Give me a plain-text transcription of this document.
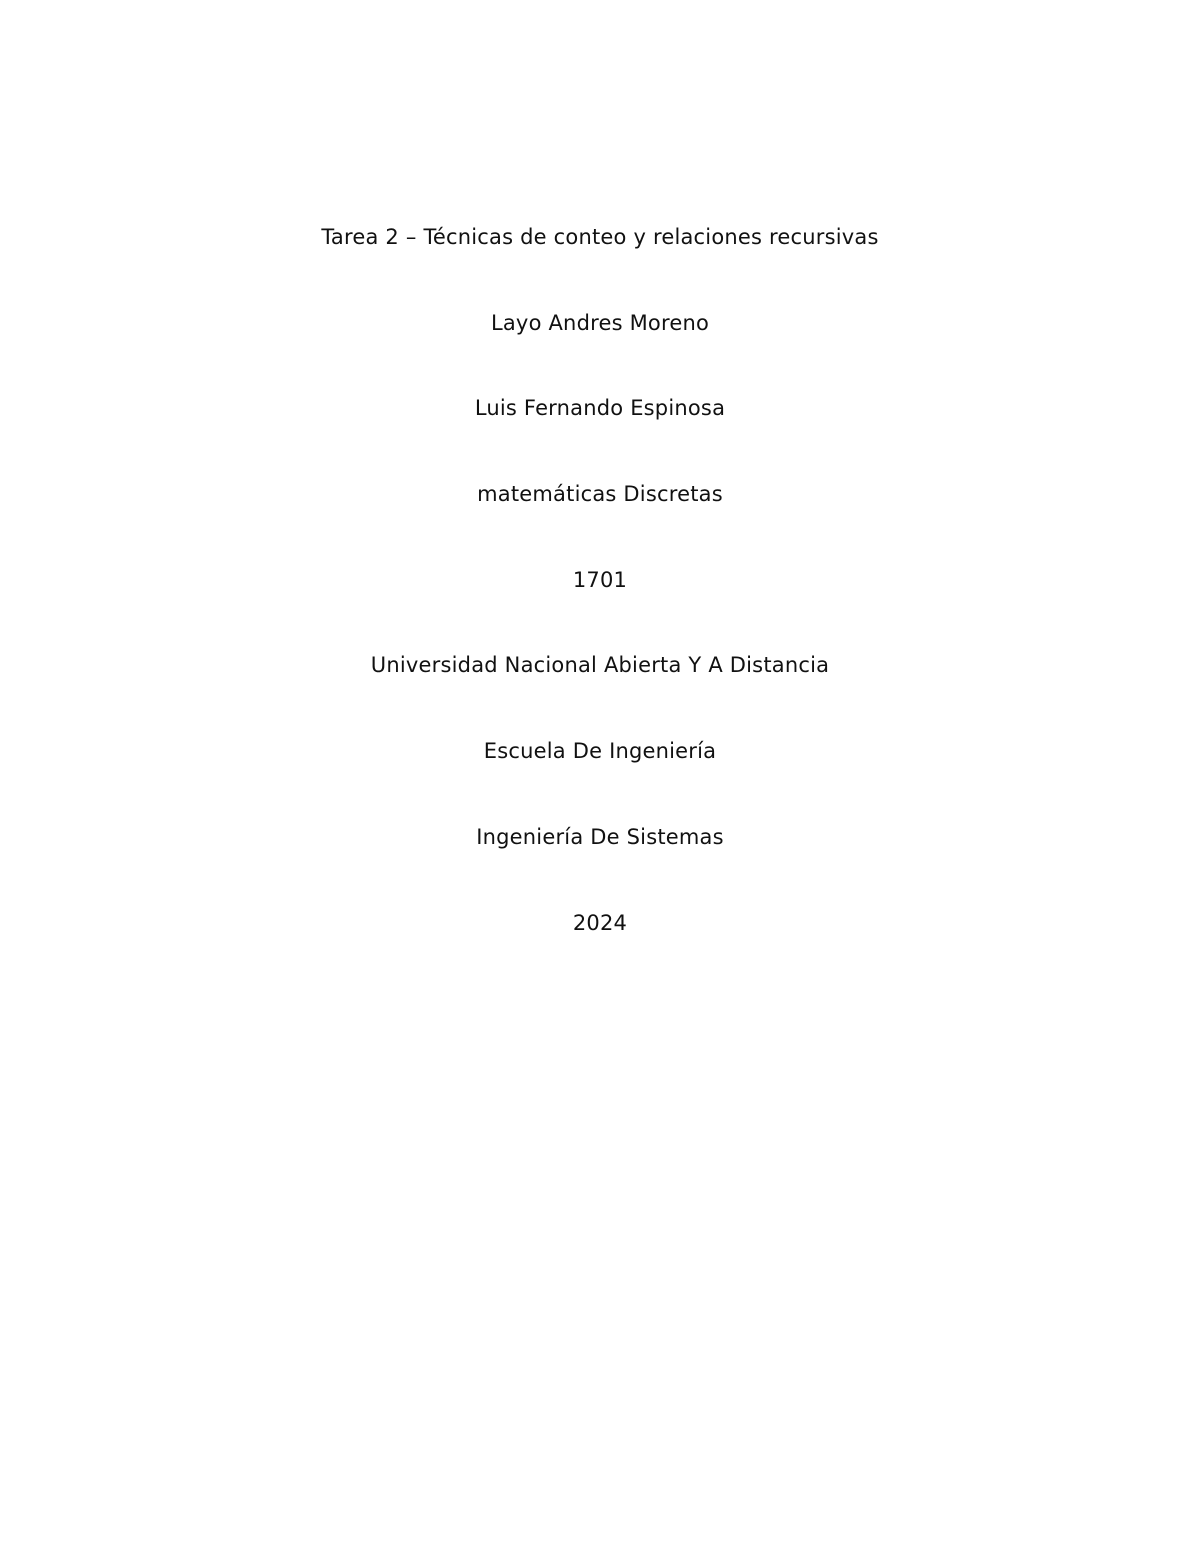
Tarea 2 – Técnicas de conteo y relaciones recursivas

Layo Andres Moreno

Luis Fernando Espinosa

matemáticas Discretas

1701

Universidad Nacional Abierta Y A Distancia

Escuela De Ingeniería

Ingeniería De Sistemas

2024
